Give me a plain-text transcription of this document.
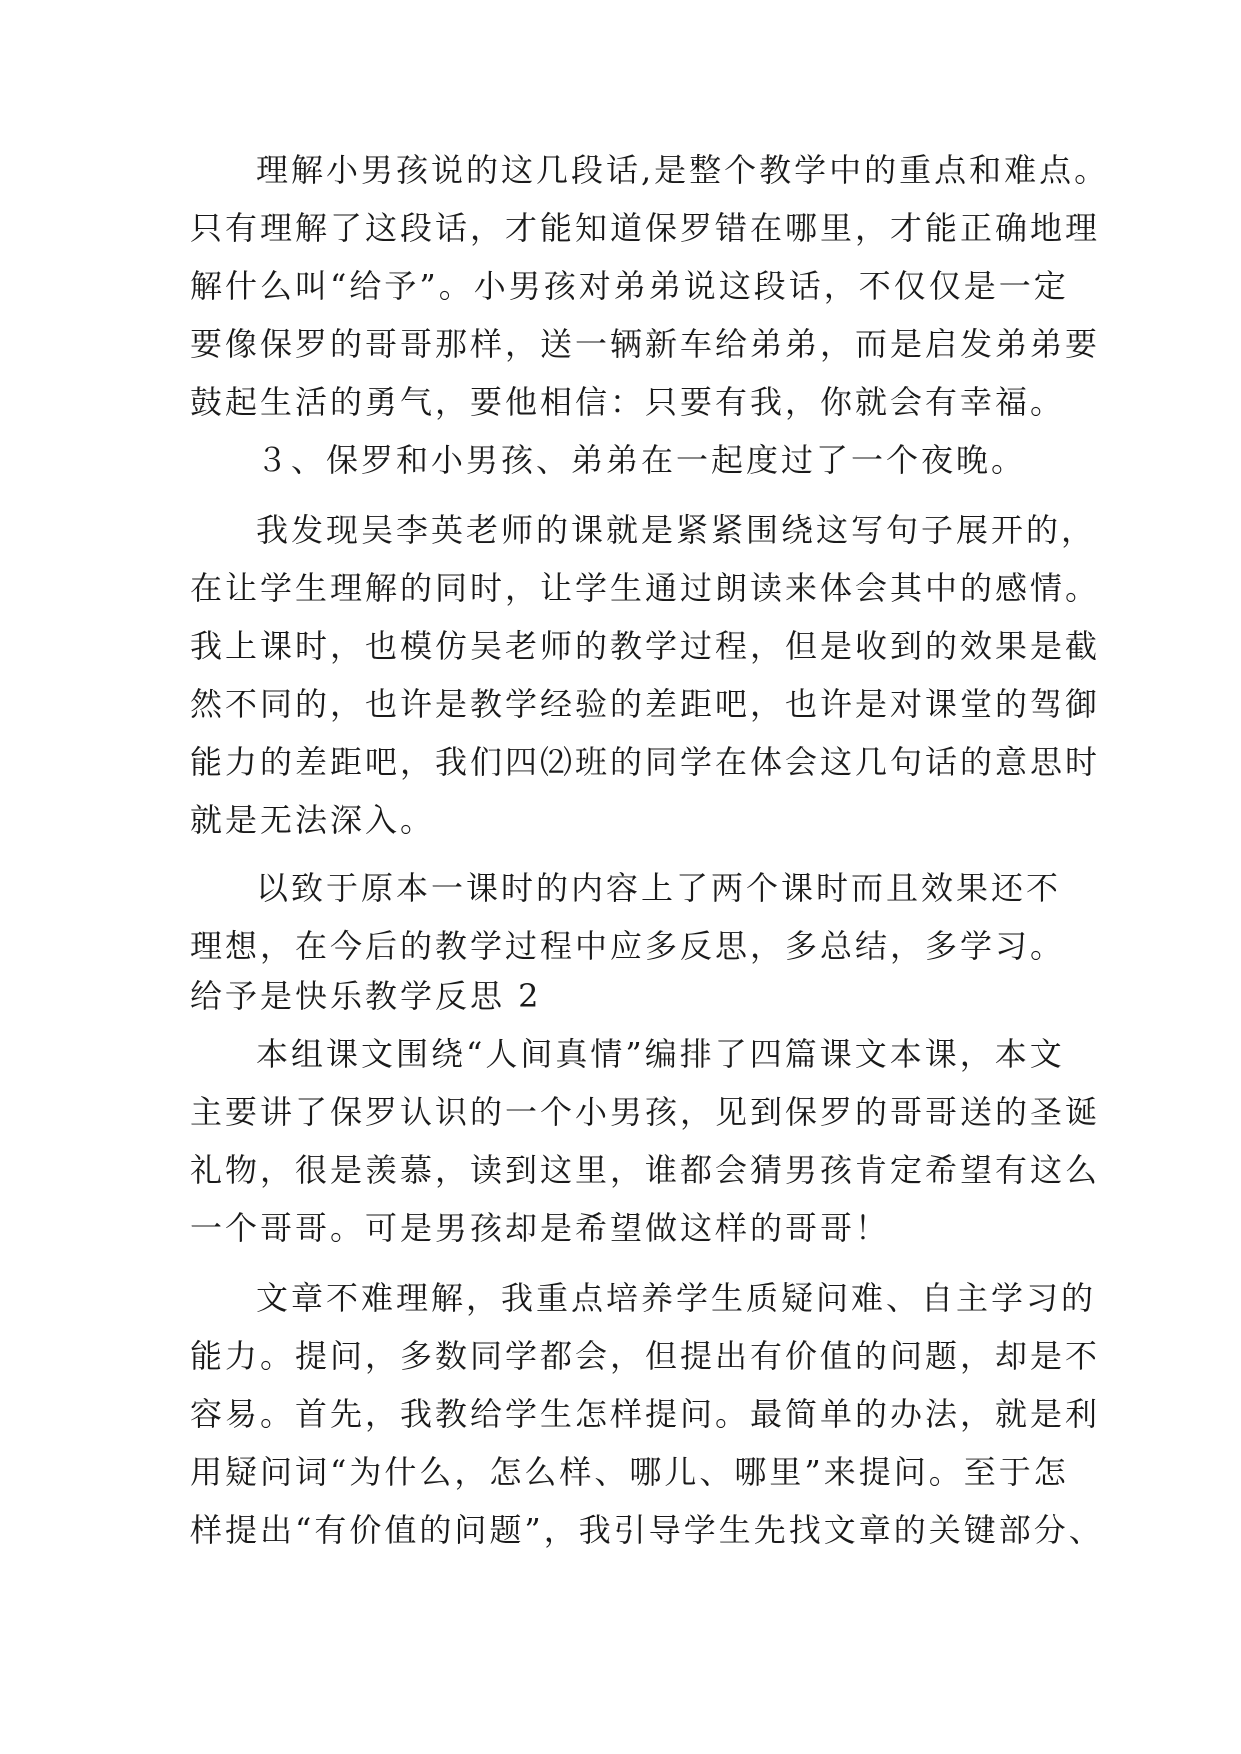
理解小男孩说的这几段话,是整个教学中的重点和难点。
只有理解了这段话，才能知道保罗错在哪里，才能正确地理
解什么叫“给予”。小男孩对弟弟说这段话，不仅仅是一定
要像保罗的哥哥那样，送一辆新车给弟弟，而是启发弟弟要
鼓起生活的勇气，要他相信：只要有我，你就会有幸福。
３、保罗和小男孩、弟弟在一起度过了一个夜晚。
我发现吴李英老师的课就是紧紧围绕这写句子展开的，
在让学生理解的同时，让学生通过朗读来体会其中的感情。
我上课时，也模仿吴老师的教学过程，但是收到的效果是截
然不同的，也许是教学经验的差距吧，也许是对课堂的驾御
能力的差距吧，我们四⑵班的同学在体会这几句话的意思时
就是无法深入。
以致于原本一课时的内容上了两个课时而且效果还不
理想，在今后的教学过程中应多反思，多总结，多学习。
给予是快乐教学反思 2
本组课文围绕“人间真情”编排了四篇课文本课，本文
主要讲了保罗认识的一个小男孩，见到保罗的哥哥送的圣诞
礼物，很是羡慕，读到这里，谁都会猜男孩肯定希望有这么
一个哥哥。可是男孩却是希望做这样的哥哥！
文章不难理解，我重点培养学生质疑问难、自主学习的
能力。提问，多数同学都会，但提出有价值的问题，却是不
容易。首先，我教给学生怎样提问。最简单的办法，就是利
用疑问词“为什么，怎么样、哪儿、哪里”来提问。至于怎
样提出“有价值的问题”，我引导学生先找文章的关键部分、
